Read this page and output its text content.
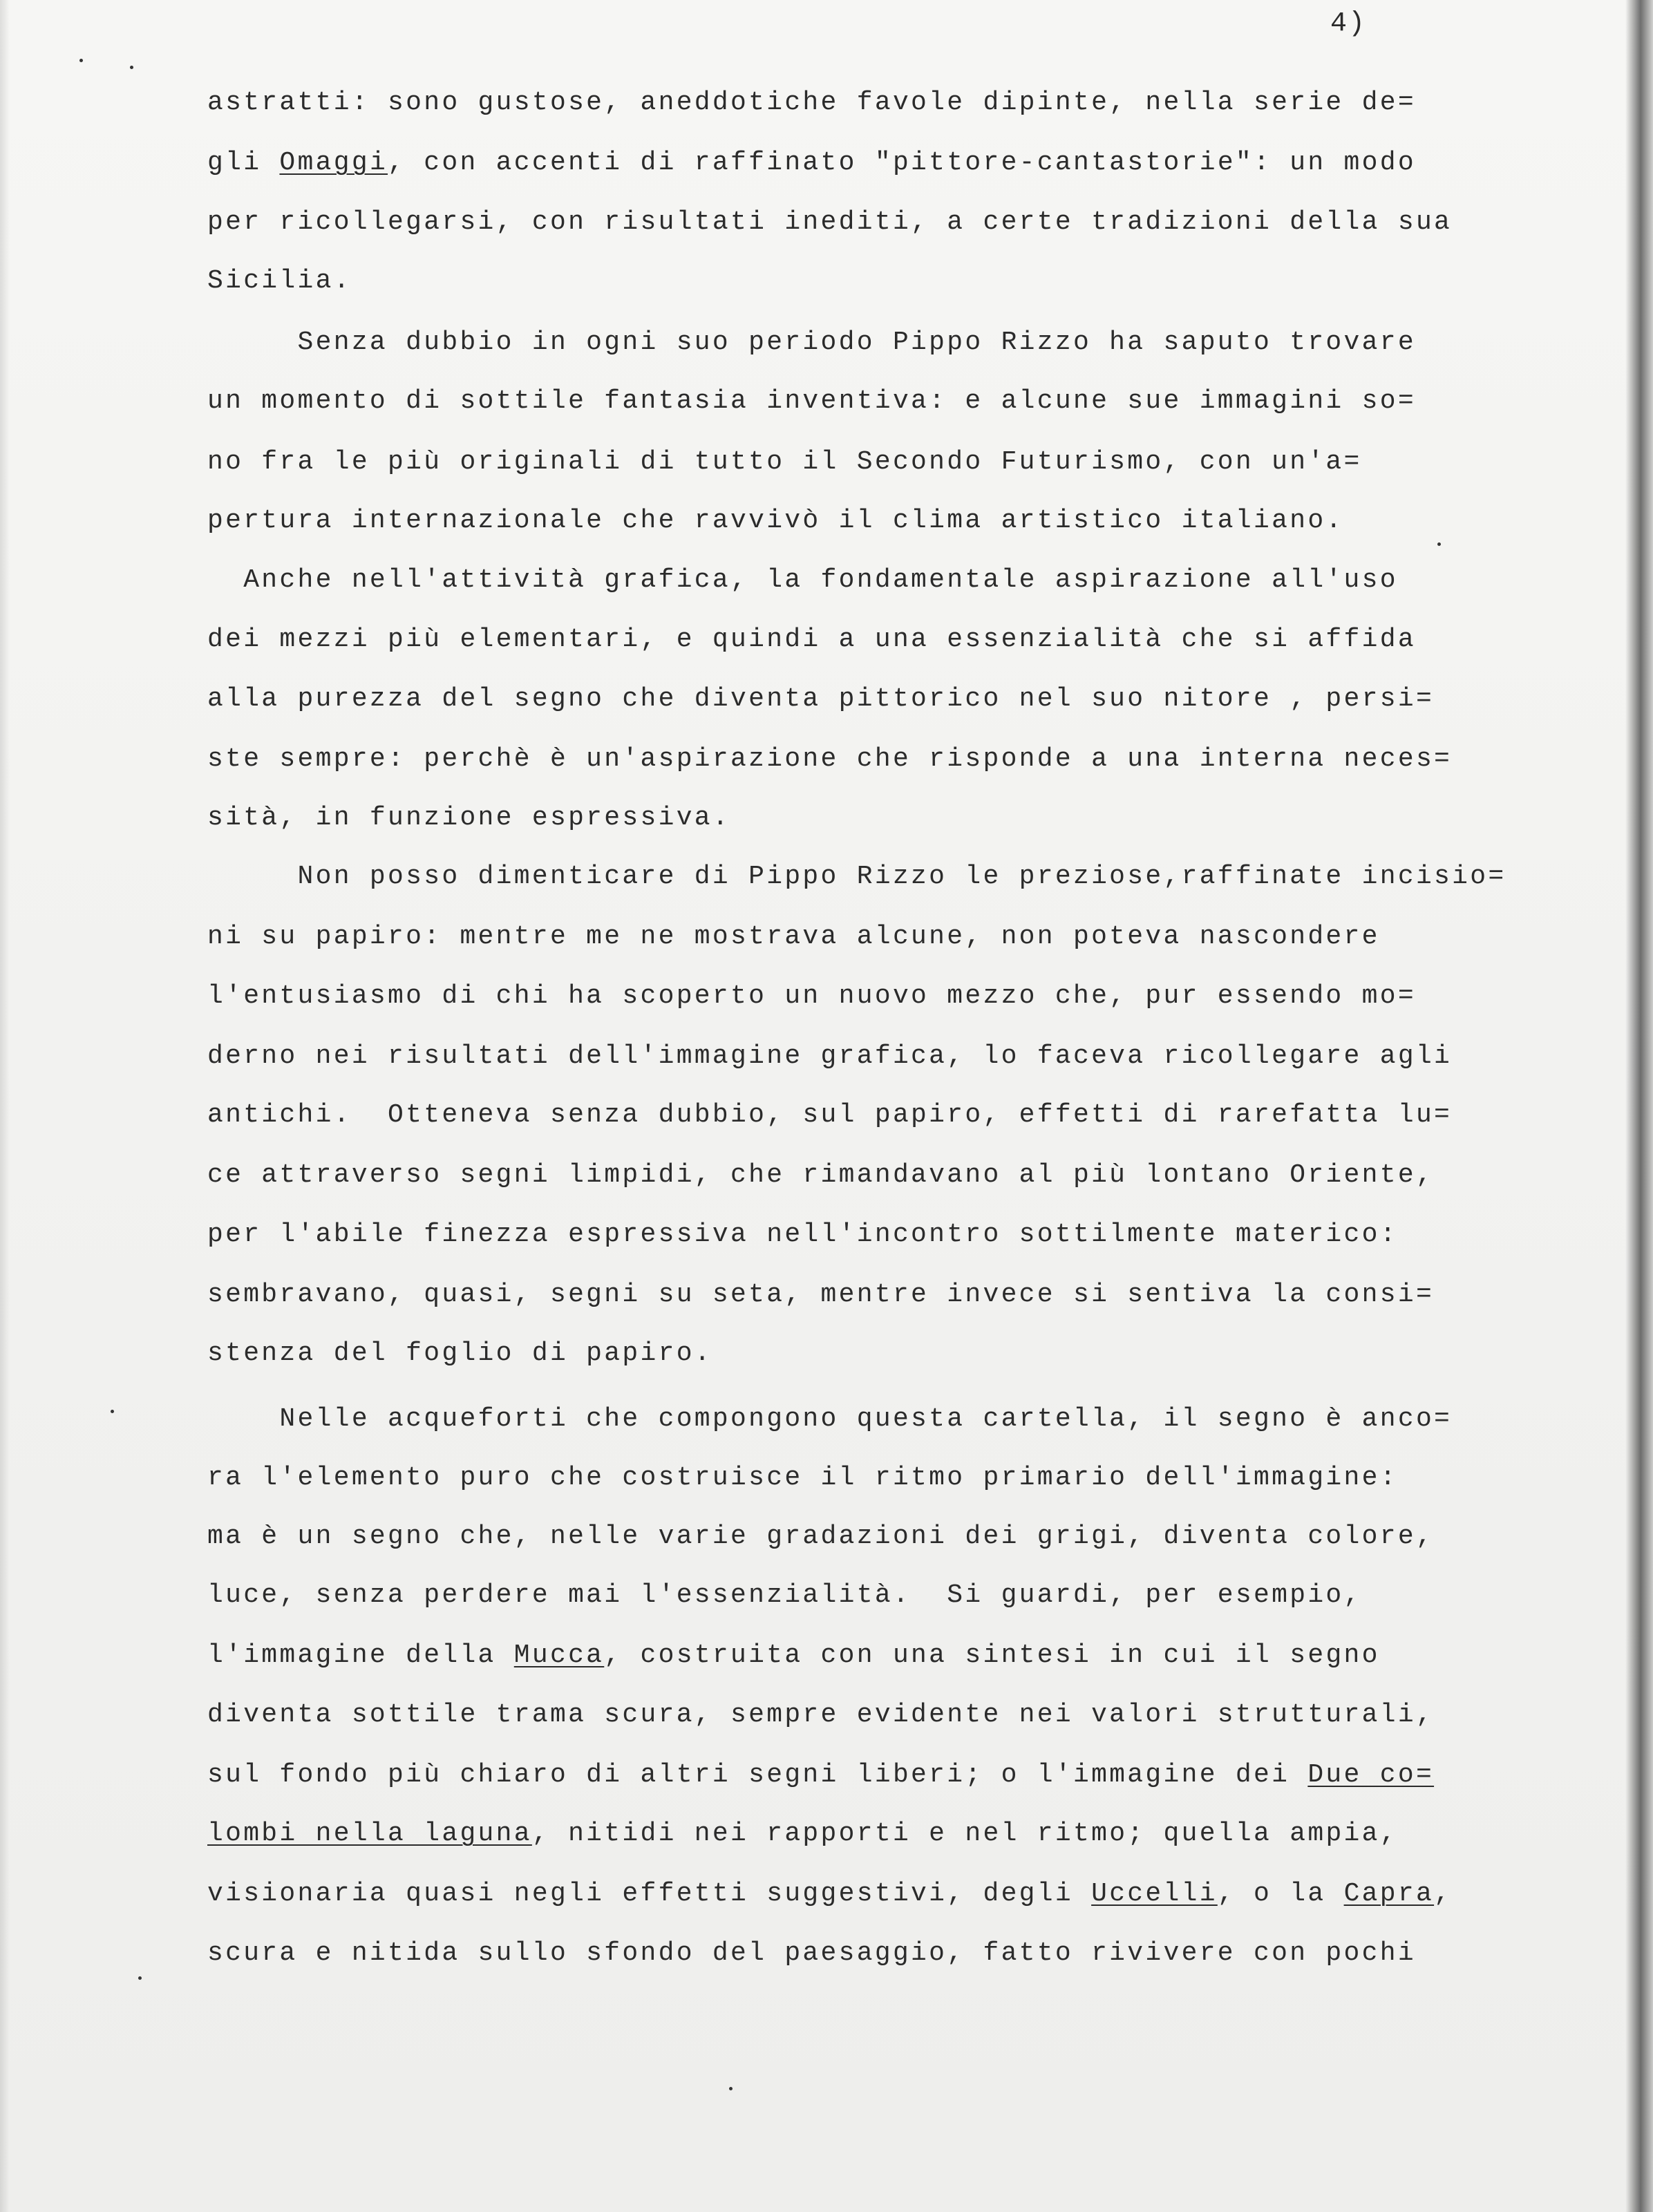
4)
astratti: sono gustose, aneddotiche favole dipinte, nella serie de=
gli Omaggi, con accenti di raffinato "pittore-cantastorie": un modo
per ricollegarsi, con risultati inediti, a certe tradizioni della sua
Sicilia.
Senza dubbio in ogni suo periodo Pippo Rizzo ha saputo trovare
un momento di sottile fantasia inventiva: e alcune sue immagini so=
no fra le più originali di tutto il Secondo Futurismo, con un'a=
pertura internazionale che ravvivò il clima artistico italiano.
Anche nell'attività grafica, la fondamentale aspirazione all'uso
dei mezzi più elementari, e quindi a una essenzialità che si affida
alla purezza del segno che diventa pittorico nel suo nitore , persi=
ste sempre: perchè è un'aspirazione che risponde a una interna neces=
sità, in funzione espressiva.
Non posso dimenticare di Pippo Rizzo le preziose,raffinate incisio=
ni su papiro: mentre me ne mostrava alcune, non poteva nascondere
l'entusiasmo di chi ha scoperto un nuovo mezzo che, pur essendo mo=
derno nei risultati dell'immagine grafica, lo faceva ricollegare agli
antichi.  Otteneva senza dubbio, sul papiro, effetti di rarefatta lu=
ce attraverso segni limpidi, che rimandavano al più lontano Oriente,
per l'abile finezza espressiva nell'incontro sottilmente materico:
sembravano, quasi, segni su seta, mentre invece si sentiva la consi=
stenza del foglio di papiro.
Nelle acqueforti che compongono questa cartella, il segno è anco=
ra l'elemento puro che costruisce il ritmo primario dell'immagine:
ma è un segno che, nelle varie gradazioni dei grigi, diventa colore,
luce, senza perdere mai l'essenzialità.  Si guardi, per esempio,
l'immagine della Mucca, costruita con una sintesi in cui il segno
diventa sottile trama scura, sempre evidente nei valori strutturali,
sul fondo più chiaro di altri segni liberi; o l'immagine dei Due co=
lombi nella laguna, nitidi nei rapporti e nel ritmo; quella ampia,
visionaria quasi negli effetti suggestivi, degli Uccelli, o la Capra,
scura e nitida sullo sfondo del paesaggio, fatto rivivere con pochi
